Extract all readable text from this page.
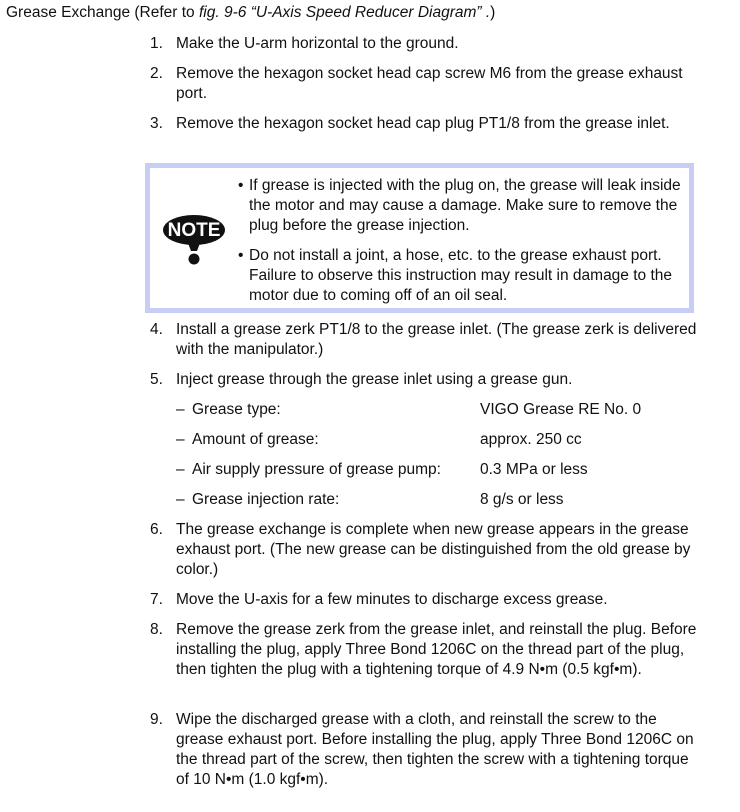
Grease Exchange (Refer to fig. 9-6 “U-Axis Speed Reducer Diagram” .)
1. Make the U-arm horizontal to the ground.
2. Remove the hexagon socket head cap screw M6 from the grease exhaust port.
3. Remove the hexagon socket head cap plug PT1/8 from the grease inlet.
NOTE
• If grease is injected with the plug on, the grease will leak inside the motor and may cause a damage. Make sure to remove the plug before the grease injection.
• Do not install a joint, a hose, etc. to the grease exhaust port. Failure to observe this instruction may result in damage to the motor due to coming off of an oil seal.
4. Install a grease zerk PT1/8 to the grease inlet. (The grease zerk is delivered with the manipulator.)
5. Inject grease through the grease inlet using a grease gun.
– Grease type:	VIGO Grease RE No. 0
– Amount of grease:	approx. 250 cc
– Air supply pressure of grease pump:	0.3 MPa or less
– Grease injection rate:	8 g/s or less
6. The grease exchange is complete when new grease appears in the grease exhaust port. (The new grease can be distinguished from the old grease by color.)
7. Move the U-axis for a few minutes to discharge excess grease.
8. Remove the grease zerk from the grease inlet, and reinstall the plug. Before installing the plug, apply Three Bond 1206C on the thread part of the plug, then tighten the plug with a tightening torque of 4.9 N•m (0.5 kgf•m).
9. Wipe the discharged grease with a cloth, and reinstall the screw to the grease exhaust port. Before installing the plug, apply Three Bond 1206C on the thread part of the screw, then tighten the screw with a tightening torque of 10 N•m (1.0 kgf•m).
